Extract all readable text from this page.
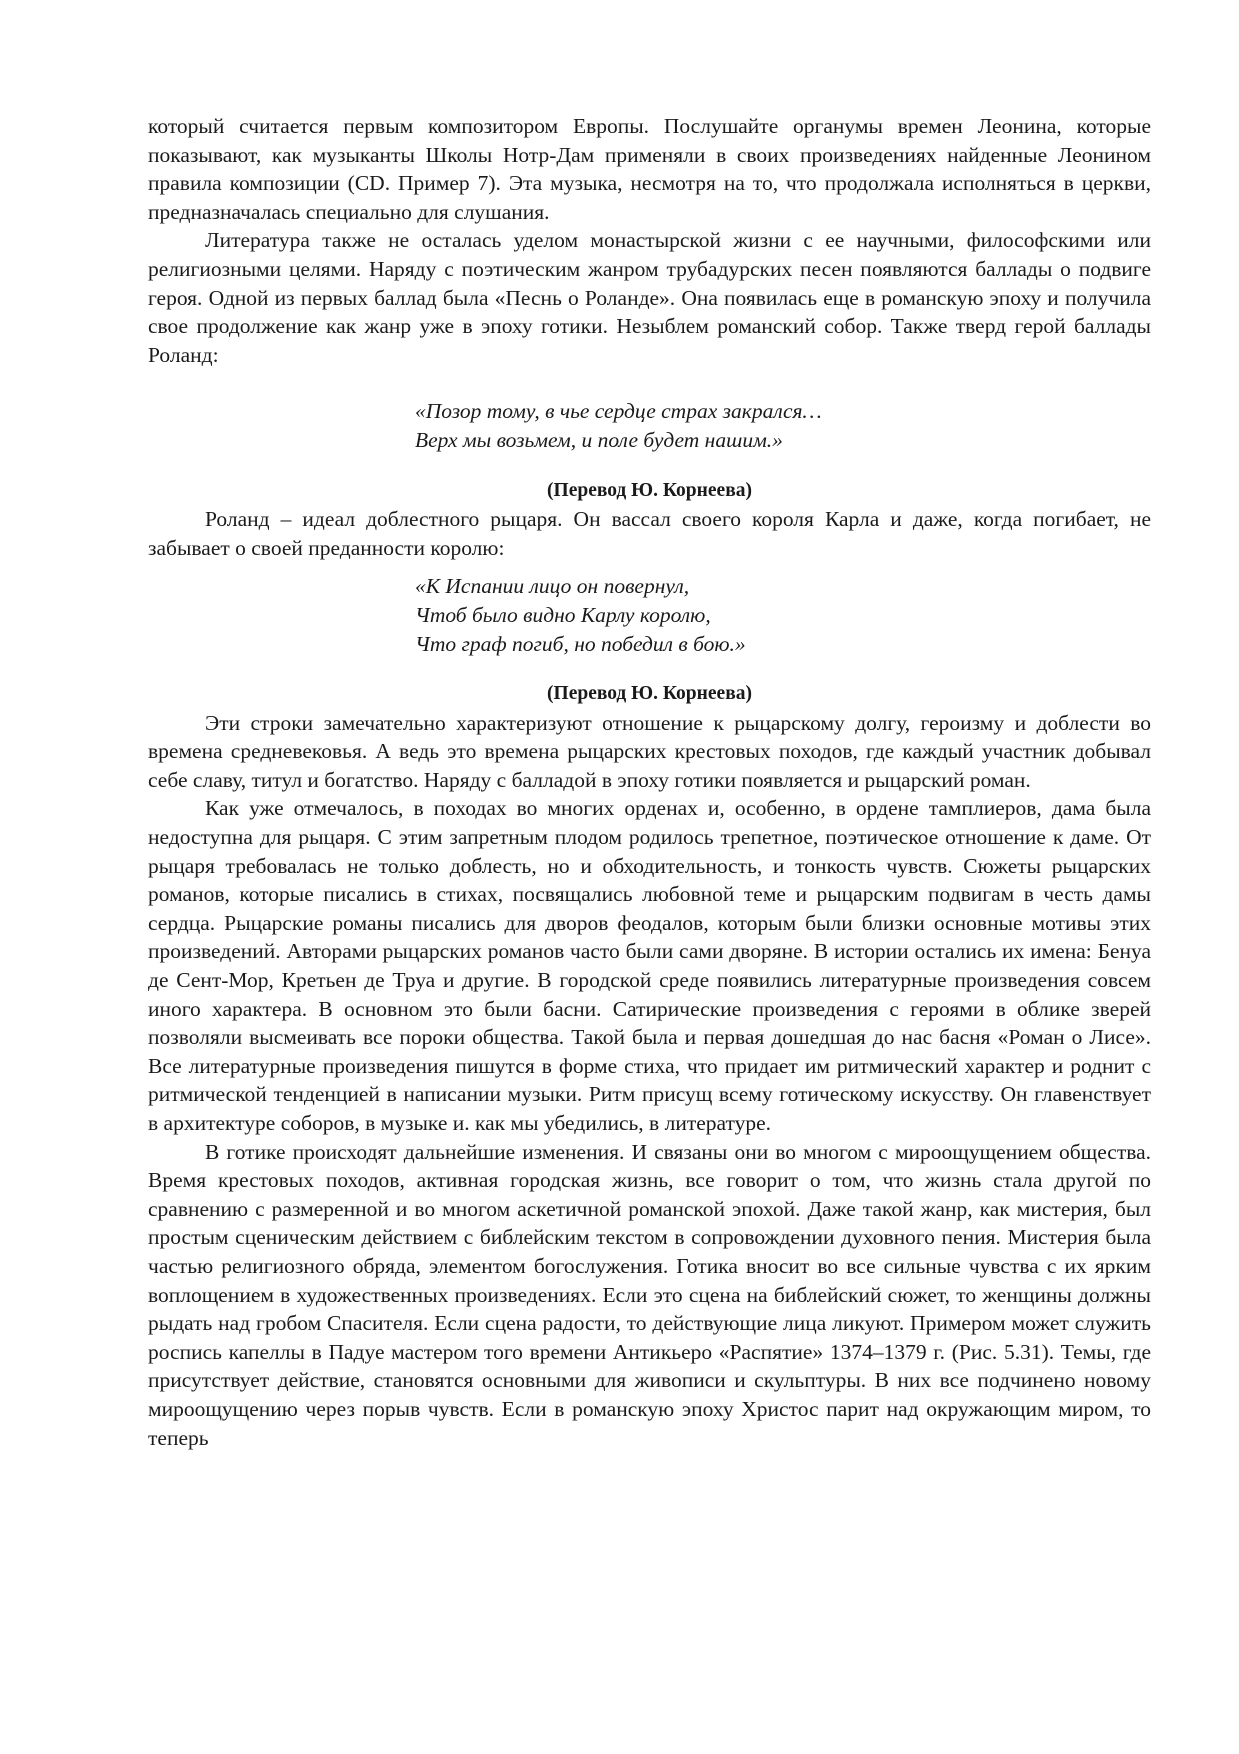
который считается первым композитором Европы. Послушайте органумы времен Леонина, которые показывают, как музыканты Школы Нотр-Дам применяли в своих произведениях найденные Леонином правила композиции (CD. Пример 7). Эта музыка, несмотря на то, что продолжала исполняться в церкви, предназначалась специально для слушания.

Литература также не осталась уделом монастырской жизни с ее научными, философскими или религиозными целями. Наряду с поэтическим жанром трубадурских песен появляются баллады о подвиге героя. Одной из первых баллад была «Песнь о Роланде». Она появилась еще в романскую эпоху и получила свое продолжение как жанр уже в эпоху готики. Незыблем романский собор. Также тверд герой баллады Роланд:

«Позор тому, в чье сердце страх закрался…
Верх мы возьмем, и поле будет нашим.»

(Перевод Ю. Корнеева)

Роланд – идеал доблестного рыцаря. Он вассал своего короля Карла и даже, когда погибает, не забывает о своей преданности королю:

«К Испании лицо он повернул,
Чтоб было видно Карлу королю,
Что граф погиб, но победил в бою.»

(Перевод Ю. Корнеева)

Эти строки замечательно характеризуют отношение к рыцарскому долгу, героизму и доблести во времена средневековья. А ведь это времена рыцарских крестовых походов, где каждый участник добывал себе славу, титул и богатство. Наряду с балладой в эпоху готики появляется и рыцарский роман.

Как уже отмечалось, в походах во многих орденах и, особенно, в ордене тамплиеров, дама была недоступна для рыцаря. С этим запретным плодом родилось трепетное, поэтическое отношение к даме. От рыцаря требовалась не только доблесть, но и обходительность, и тонкость чувств. Сюжеты рыцарских романов, которые писались в стихах, посвящались любовной теме и рыцарским подвигам в честь дамы сердца. Рыцарские романы писались для дворов феодалов, которым были близки основные мотивы этих произведений. Авторами рыцарских романов часто были сами дворяне. В истории остались их имена: Бенуа де Сент-Мор, Кретьен де Труа и другие. В городской среде появились литературные произведения совсем иного характера. В основном это были басни. Сатирические произведения с героями в облике зверей позволяли высмеивать все пороки общества. Такой была и первая дошедшая до нас басня «Роман о Лисе». Все литературные произведения пишутся в форме стиха, что придает им ритмический характер и роднит с ритмической тенденцией в написании музыки. Ритм присущ всему готическому искусству. Он главенствует в архитектуре соборов, в музыке и. как мы убедились, в литературе.

В готике происходят дальнейшие изменения. И связаны они во многом с мироощущением общества. Время крестовых походов, активная городская жизнь, все говорит о том, что жизнь стала другой по сравнению с размеренной и во многом аскетичной романской эпохой. Даже такой жанр, как мистерия, был простым сценическим действием с библейским текстом в сопровождении духовного пения. Мистерия была частью религиозного обряда, элементом богослужения. Готика вносит во все сильные чувства с их ярким воплощением в художественных произведениях. Если это сцена на библейский сюжет, то женщины должны рыдать над гробом Спасителя. Если сцена радости, то действующие лица ликуют. Примером может служить роспись капеллы в Падуе мастером того времени Антикьеро «Распятие» 1374–1379 г. (Рис. 5.31). Темы, где присутствует действие, становятся основными для живописи и скульптуры. В них все подчинено новому мироощущению через порыв чувств. Если в романскую эпоху Христос парит над окружающим миром, то теперь
